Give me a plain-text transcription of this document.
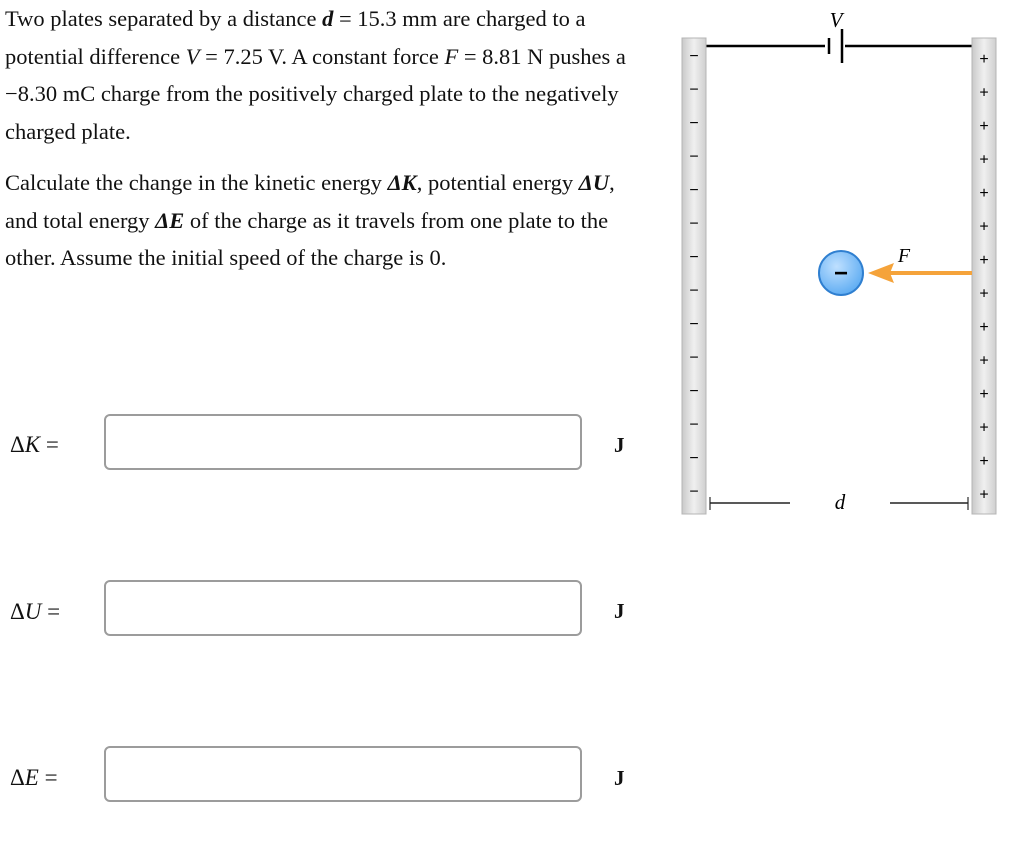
Two plates separated by a distance d = 15.3 mm are charged to a potential difference V = 7.25 V. A constant force F = 8.81 N pushes a −8.30 mC charge from the positively charged plate to the negatively charged plate.

Calculate the change in the kinetic energy ΔK, potential energy ΔU, and total energy ΔE of the charge as it travels from one plate to the other. Assume the initial speed of the charge is 0.

ΔK =	J
ΔU =	J
ΔE =	J
V
−
−
−
−
−
−
−
−
−
−
−
−
−
−
+
+
+
+
+
+
+
+
+
+
+
+
+
+
d
F
−
